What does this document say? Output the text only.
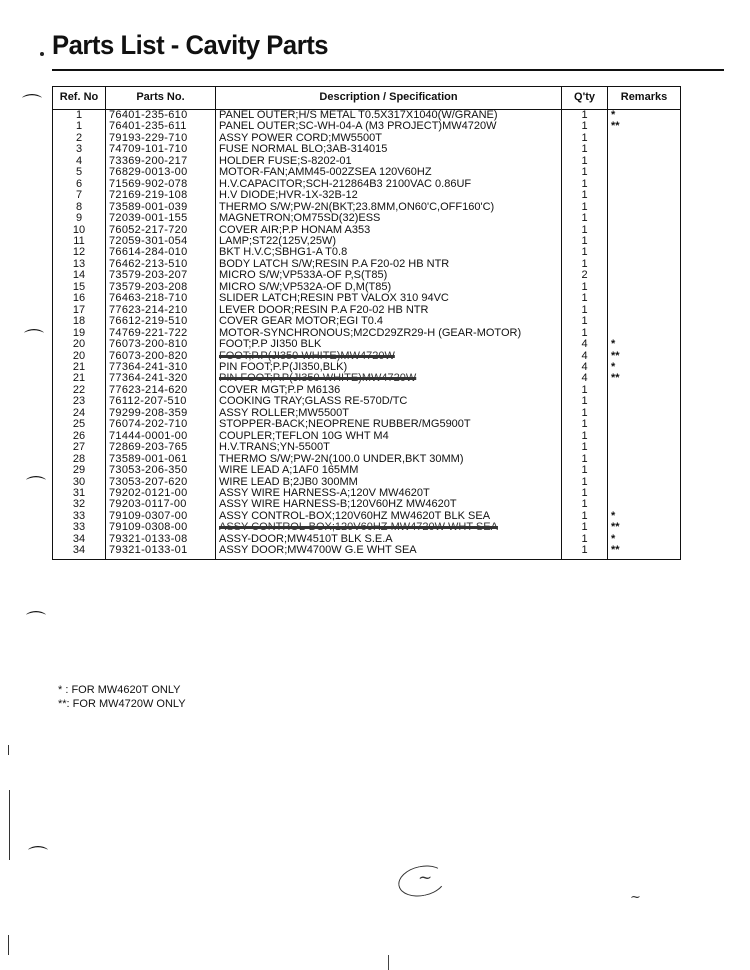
Parts List - Cavity Parts
Ref. No	Parts No.	Description / Specification	Q'ty	Remarks
1	76401-235-610	PANEL OUTER;H/S METAL T0.5X317X1040(W/GRANE)	1	*
1	76401-235-611	PANEL OUTER;SC-WH-04-A (M3 PROJECT)MW4720W	1	**
2	79193-229-710	ASSY POWER CORD;MW5500T	1	
3	74709-101-710	FUSE NORMAL BLO;3AB-314015	1	
4	73369-200-217	HOLDER FUSE;S-8202-01	1	
5	76829-0013-00	MOTOR-FAN;AMM45-002ZSEA 120V60HZ	1	
6	71569-902-078	H.V.CAPACITOR;SCH-212864B3 2100VAC 0.86UF	1	
7	72169-219-108	H.V DIODE;HVR-1X-32B-12	1	
8	73589-001-039	THERMO S/W;PW-2N(BKT;23.8MM,ON60'C,OFF160'C)	1	
9	72039-001-155	MAGNETRON;OM75SD(32)ESS	1	
10	76052-217-720	COVER AIR;P.P HONAM A353	1	
11	72059-301-054	LAMP;ST22(125V,25W)	1	
12	76614-284-010	BKT H.V.C;SBHG1-A T0.8	1	
13	76462-213-510	BODY LATCH S/W;RESIN P.A F20-02 HB NTR	1	
14	73579-203-207	MICRO S/W;VP533A-OF P,S(T85)	2	
15	73579-203-208	MICRO S/W;VP532A-OF D,M(T85)	1	
16	76463-218-710	SLIDER LATCH;RESIN PBT VALOX 310 94VC	1	
17	77623-214-210	LEVER DOOR;RESIN P.A F20-02 HB NTR	1	
18	76612-219-510	COVER GEAR MOTOR;EGI T0.4	1	
19	74769-221-722	MOTOR-SYNCHRONOUS;M2CD29ZR29-H (GEAR-MOTOR)	1	
20	76073-200-810	FOOT;P.P JI350 BLK	4	*
20	76073-200-820	FOOT;P.P(JI350 WHITE)MW4720W	4	**
21	77364-241-310	PIN FOOT;P.P(JI350,BLK)	4	*
21	77364-241-320	PIN FOOT;P.P(JI350 WHITE)MW4720W	4	**
22	77623-214-620	COVER MGT;P.P M6136	1	
23	76112-207-510	COOKING TRAY;GLASS RE-570D/TC	1	
24	79299-208-359	ASSY ROLLER;MW5500T	1	
25	76074-202-710	STOPPER-BACK;NEOPRENE RUBBER/MG5900T	1	
26	71444-0001-00	COUPLER;TEFLON 10G WHT M4	1	
27	72869-203-765	H.V.TRANS;YN-5500T	1	
28	73589-001-061	THERMO S/W;PW-2N(100.0 UNDER,BKT 30MM)	1	
29	73053-206-350	WIRE LEAD A;1AF0 165MM	1	
30	73053-207-620	WIRE LEAD B;2JB0 300MM	1	
31	79202-0121-00	ASSY WIRE HARNESS-A;120V MW4620T	1	
32	79203-0117-00	ASSY WIRE HARNESS-B;120V60HZ MW4620T	1	
33	79109-0307-00	ASSY CONTROL-BOX;120V60HZ MW4620T BLK SEA	1	*
33	79109-0308-00	ASSY CONTROL-BOX;120V60HZ MW4720W WHT SEA	1	**
34	79321-0133-08	ASSY-DOOR;MW4510T BLK S.E.A	1	*
34	79321-0133-01	ASSY DOOR;MW4700W G.E WHT SEA	1	**
* : FOR MW4620T ONLY
**: FOR MW4720W ONLY
⌒
⌒
⌒
⌒
⌒
~
~
